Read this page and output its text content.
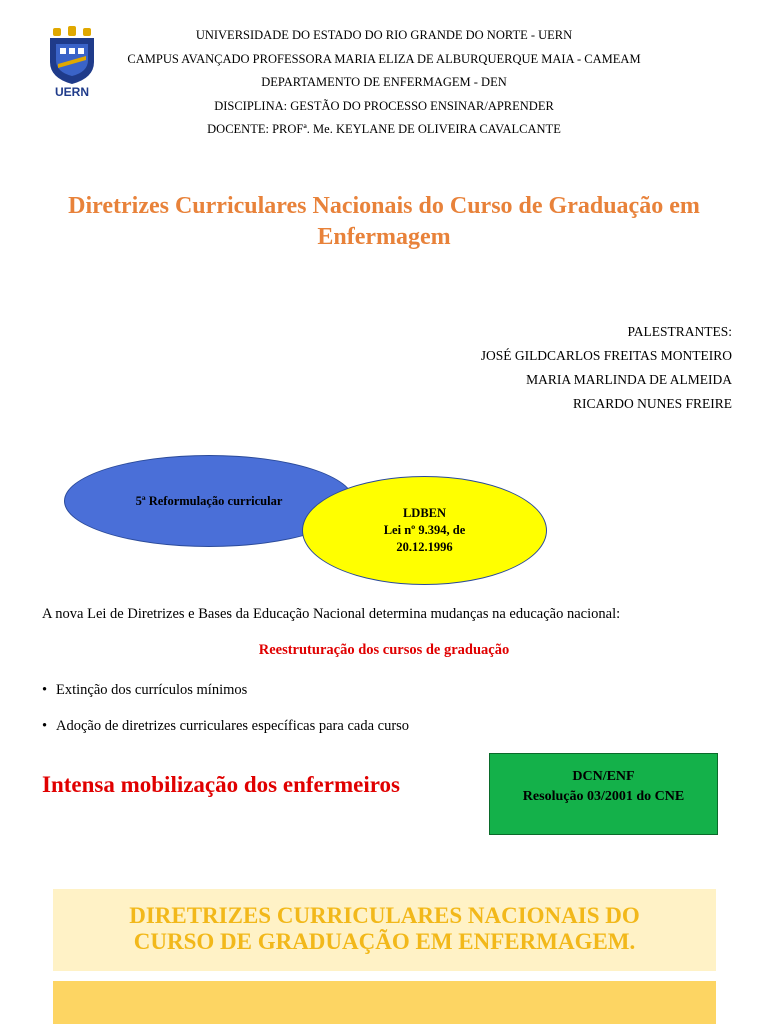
UERN
UNIVERSIDADE DO ESTADO DO RIO GRANDE DO NORTE - UERN
CAMPUS AVANÇADO PROFESSORA MARIA ELIZA DE ALBURQUERQUE MAIA - CAMEAM
DEPARTAMENTO DE ENFERMAGEM - DEN
DISCIPLINA: GESTÃO DO PROCESSO ENSINAR/APRENDER
DOCENTE: PROFª. Me. KEYLANE DE OLIVEIRA CAVALCANTE
Diretrizes Curriculares Nacionais do Curso de Graduação em Enfermagem
PALESTRANTES:
JOSÉ GILDCARLOS FREITAS MONTEIRO
MARIA MARLINDA DE ALMEIDA
RICARDO NUNES FREIRE
5ª Reformulação curricular
LDBEN
Lei nº 9.394, de
20.12.1996
A nova Lei de Diretrizes e Bases da Educação Nacional determina mudanças na educação nacional:
Reestruturação dos cursos de graduação
• Extinção dos currículos mínimos
• Adoção de diretrizes curriculares específicas para cada curso
Intensa mobilização dos enfermeiros	DCN/ENF
Resolução 03/2001 do CNE
DIRETRIZES CURRICULARES NACIONAIS DO
CURSO DE GRADUAÇÃO EM ENFERMAGEM.
